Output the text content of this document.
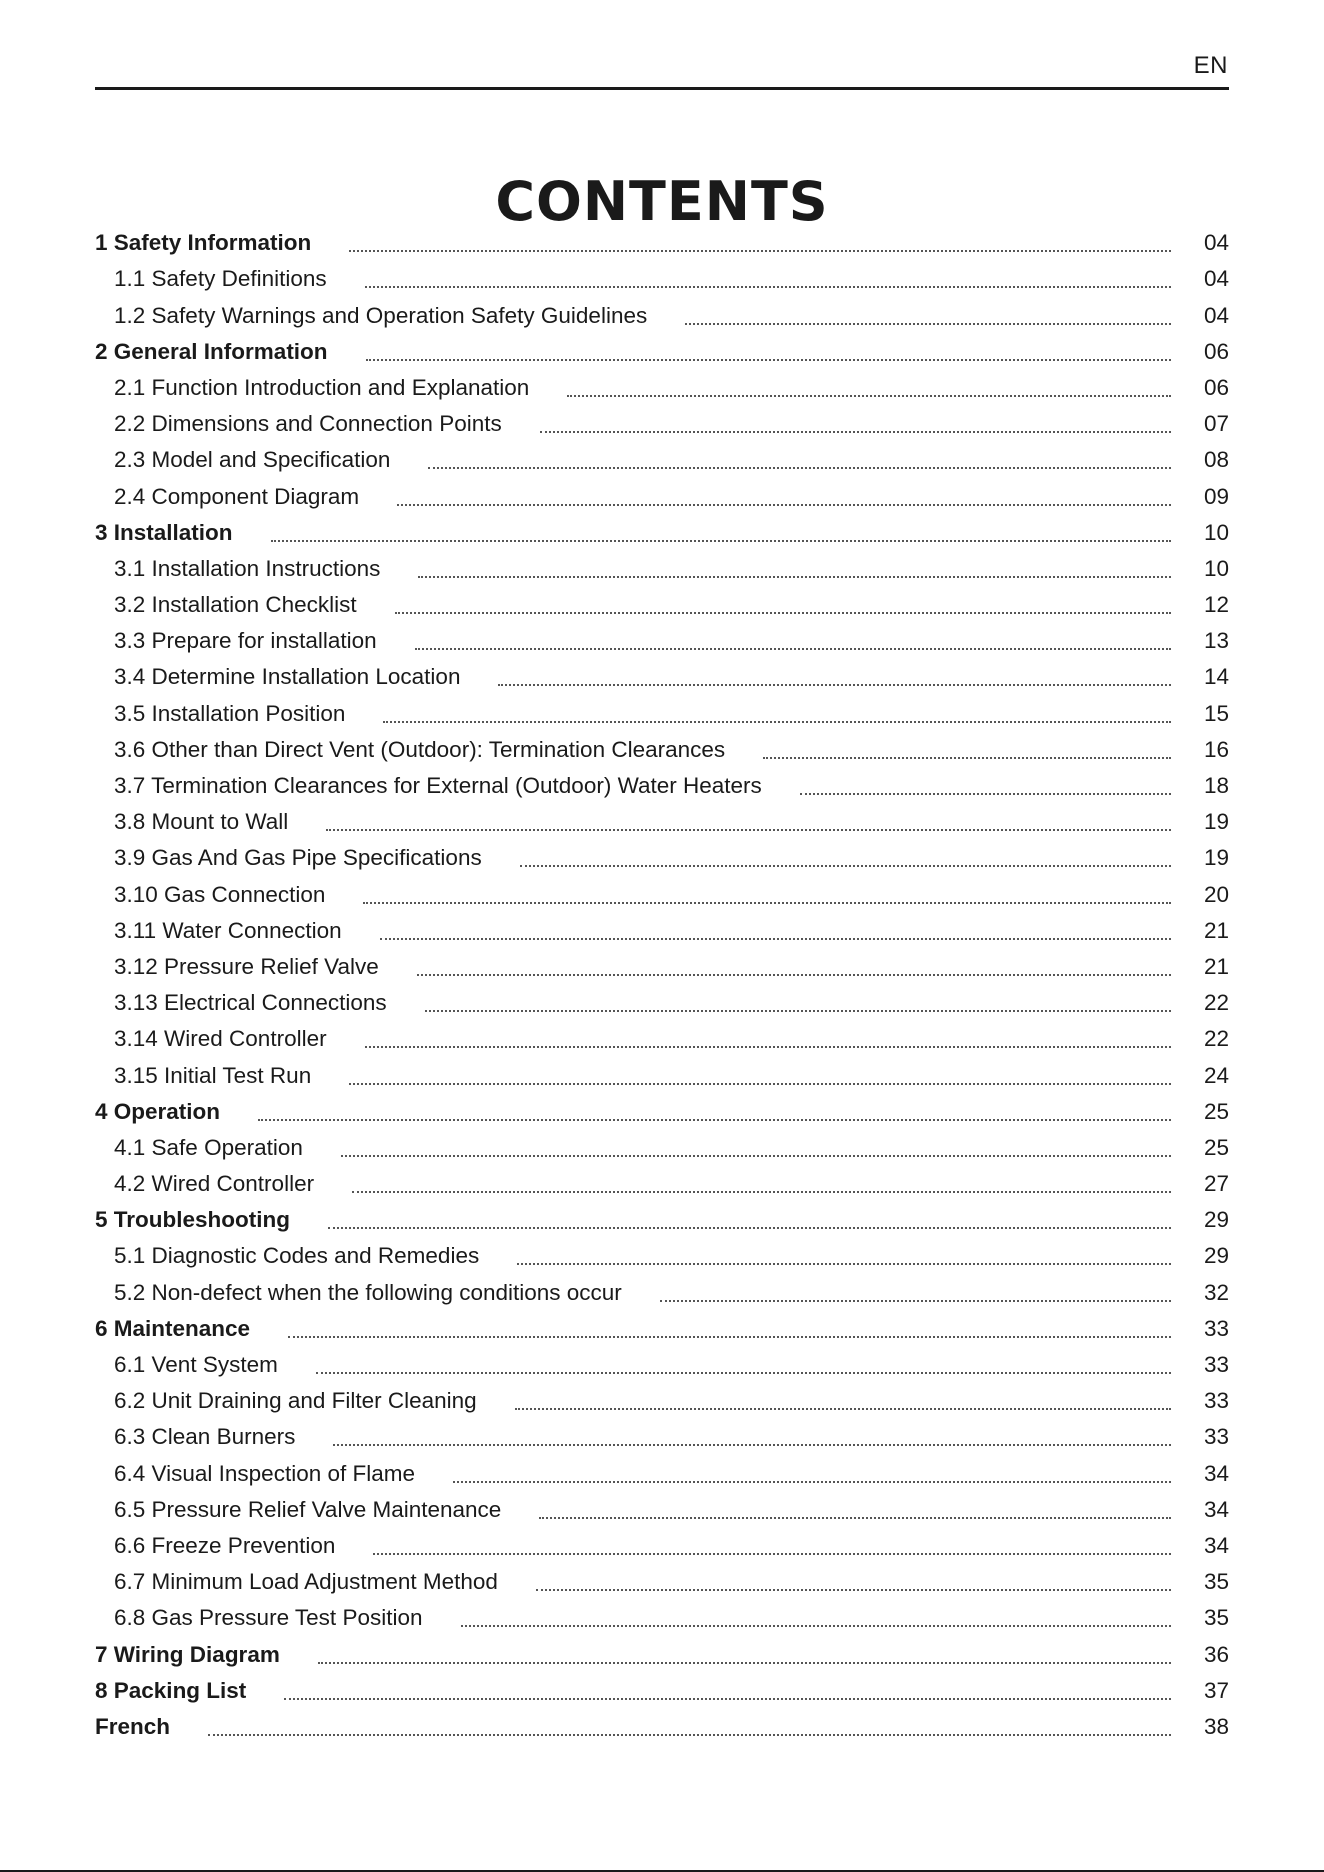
EN
CONTENTS
1 Safety Information	04
1.1 Safety Definitions	04
1.2 Safety Warnings and Operation Safety Guidelines	04
2 General Information	06
2.1 Function Introduction and Explanation	06
2.2 Dimensions and Connection Points	07
2.3 Model and Specification	08
2.4 Component Diagram	09
3 Installation	10
3.1 Installation Instructions	10
3.2 Installation Checklist	12
3.3 Prepare for installation	13
3.4 Determine Installation Location	14
3.5 Installation Position	15
3.6 Other than Direct Vent (Outdoor): Termination Clearances	16
3.7 Termination Clearances for External (Outdoor) Water Heaters	18
3.8 Mount to Wall	19
3.9 Gas And Gas Pipe Specifications	19
3.10 Gas Connection	20
3.11 Water Connection	21
3.12 Pressure Relief Valve	21
3.13 Electrical Connections	22
3.14 Wired Controller	22
3.15 Initial Test Run	24
4 Operation	25
4.1 Safe Operation	25
4.2 Wired Controller	27
5 Troubleshooting	29
5.1 Diagnostic Codes and Remedies	29
5.2 Non-defect when the following conditions occur	32
6 Maintenance	33
6.1 Vent System	33
6.2 Unit Draining and Filter Cleaning	33
6.3 Clean Burners	33
6.4 Visual Inspection of Flame	34
6.5 Pressure Relief Valve Maintenance	34
6.6 Freeze Prevention	34
6.7 Minimum Load Adjustment Method	35
6.8 Gas Pressure Test Position	35
7 Wiring Diagram	36
8 Packing List	37
French	38
